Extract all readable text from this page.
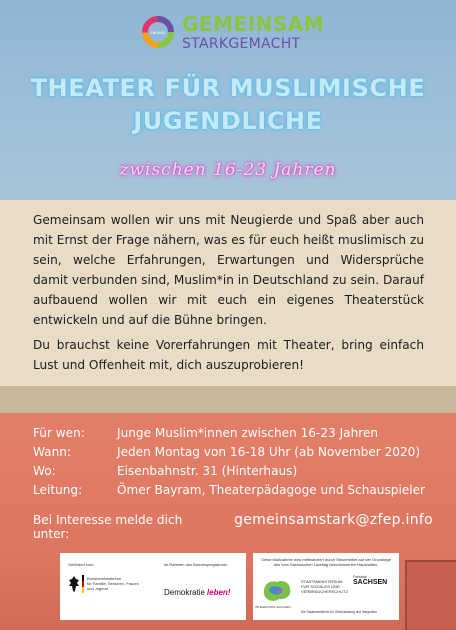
ENGAGE GEMEINSAM
STARKGEMACHT
THEATER FÜR MUSLIMISCHE
JUGENDLICHE
zwischen 16-23 Jahren

Gemeinsam wollen wir uns mit Neugierde und Spaß aber auch mit Ernst der Frage nähern, was es für euch heißt muslimisch zu sein, welche Erfahrungen, Erwartungen und Widersprüche damit verbunden sind, Muslim*in in Deutschland zu sein. Darauf aufbauend wollen wir mit euch ein eigenes Theaterstück entwickeln und auf die Bühne bringen.

Du brauchst keine Vorerfahrungen mit Theater, bring einfach Lust und Offenheit mit, dich auszuprobieren!

Für wen:	Junge Muslim*innen zwischen 16-23 Jahren
Wann:	Jeden Montag von 16-18 Uhr (ab November 2020)
Wo:	Eisenbahnstr. 31 (Hinterhaus)
Leitung:	Ömer Bayram, Theaterpädagoge und Schauspieler
Bei Interesse melde dich unter:
gemeinsamstark@zfep.info
Gefördert vom	im Rahmen des Bundesprogramms
Bundesministerium
für Familie, Senioren, Frauen
und Jugend	Demokratie leben!
Diese Maßnahme wird mitfinanziert durch Steuermittel auf der Grundlage des vom Sächsischen Landtag beschlossenen Haushaltes.
INTEGRATION SACHSEN
STAATSMINISTERIUM
FÜR SOZIALES UND
VERBRAUCHERSCHUTZ
Freistaat
SACHSEN
Die Staatsministerin für Gleichstellung und Integration
